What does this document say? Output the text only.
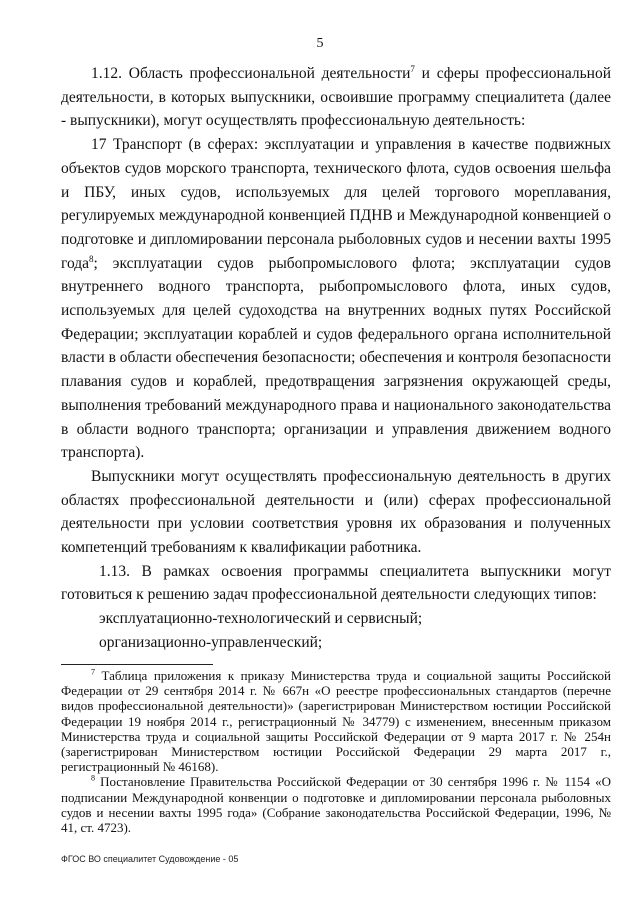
5

1.12. Область профессиональной деятельности$^7$ и сферы профессиональной деятельности, в которых выпускники, освоившие программу специалитета (далее - выпускники), могут осуществлять профессиональную деятельность:

17 Транспорт (в сферах: эксплуатации и управления в качестве подвижных объектов судов морского транспорта, технического флота, судов освоения шельфа и ПБУ, иных судов, используемых для целей торгового мореплавания, регулируемых международной конвенцией ПДНВ и Международной конвенцией о подготовке и дипломировании персонала рыболовных судов и несении вахты 1995 года$^8$; эксплуатации судов рыбопромыслового флота; эксплуатации судов внутреннего водного транспорта, рыбопромыслового флота, иных судов, используемых для целей судоходства на внутренних водных путях Российской Федерации; эксплуатации кораблей и судов федерального органа исполнительной власти в области обеспечения безопасности; обеспечения и контроля безопасности плавания судов и кораблей, предотвращения загрязнения окружающей среды, выполнения требований международного права и национального законодательства в области водного транспорта; организации и управления движением водного транспорта).

Выпускники могут осуществлять профессиональную деятельность в других областях профессиональной деятельности и (или) сферах профессиональной деятельности при условии соответствия уровня их образования и полученных компетенций требованиям к квалификации работника.

1.13. В рамках освоения программы специалитета выпускники могут готовиться к решению задач профессиональной деятельности следующих типов:

эксплуатационно-технологический и сервисный;

организационно-управленческий;

$^7$ Таблица приложения к приказу Министерства труда и социальной защиты Российской Федерации от 29 сентября 2014 г. № 667н «О реестре профессиональных стандартов (перечне видов профессиональной деятельности)» (зарегистрирован Министерством юстиции Российской Федерации 19 ноября 2014 г., регистрационный № 34779) с изменением, внесенным приказом Министерства труда и социальной защиты Российской Федерации от 9 марта 2017 г. № 254н (зарегистрирован Министерством юстиции Российской Федерации 29 марта 2017 г., регистрационный № 46168).

$^8$ Постановление Правительства Российской Федерации от 30 сентября 1996 г. № 1154 «О подписании Международной конвенции о подготовке и дипломировании персонала рыболовных судов и несении вахты 1995 года» (Собрание законодательства Российской Федерации, 1996, № 41, ст. 4723).

ФГОС ВО специалитет Судовождение - 05
